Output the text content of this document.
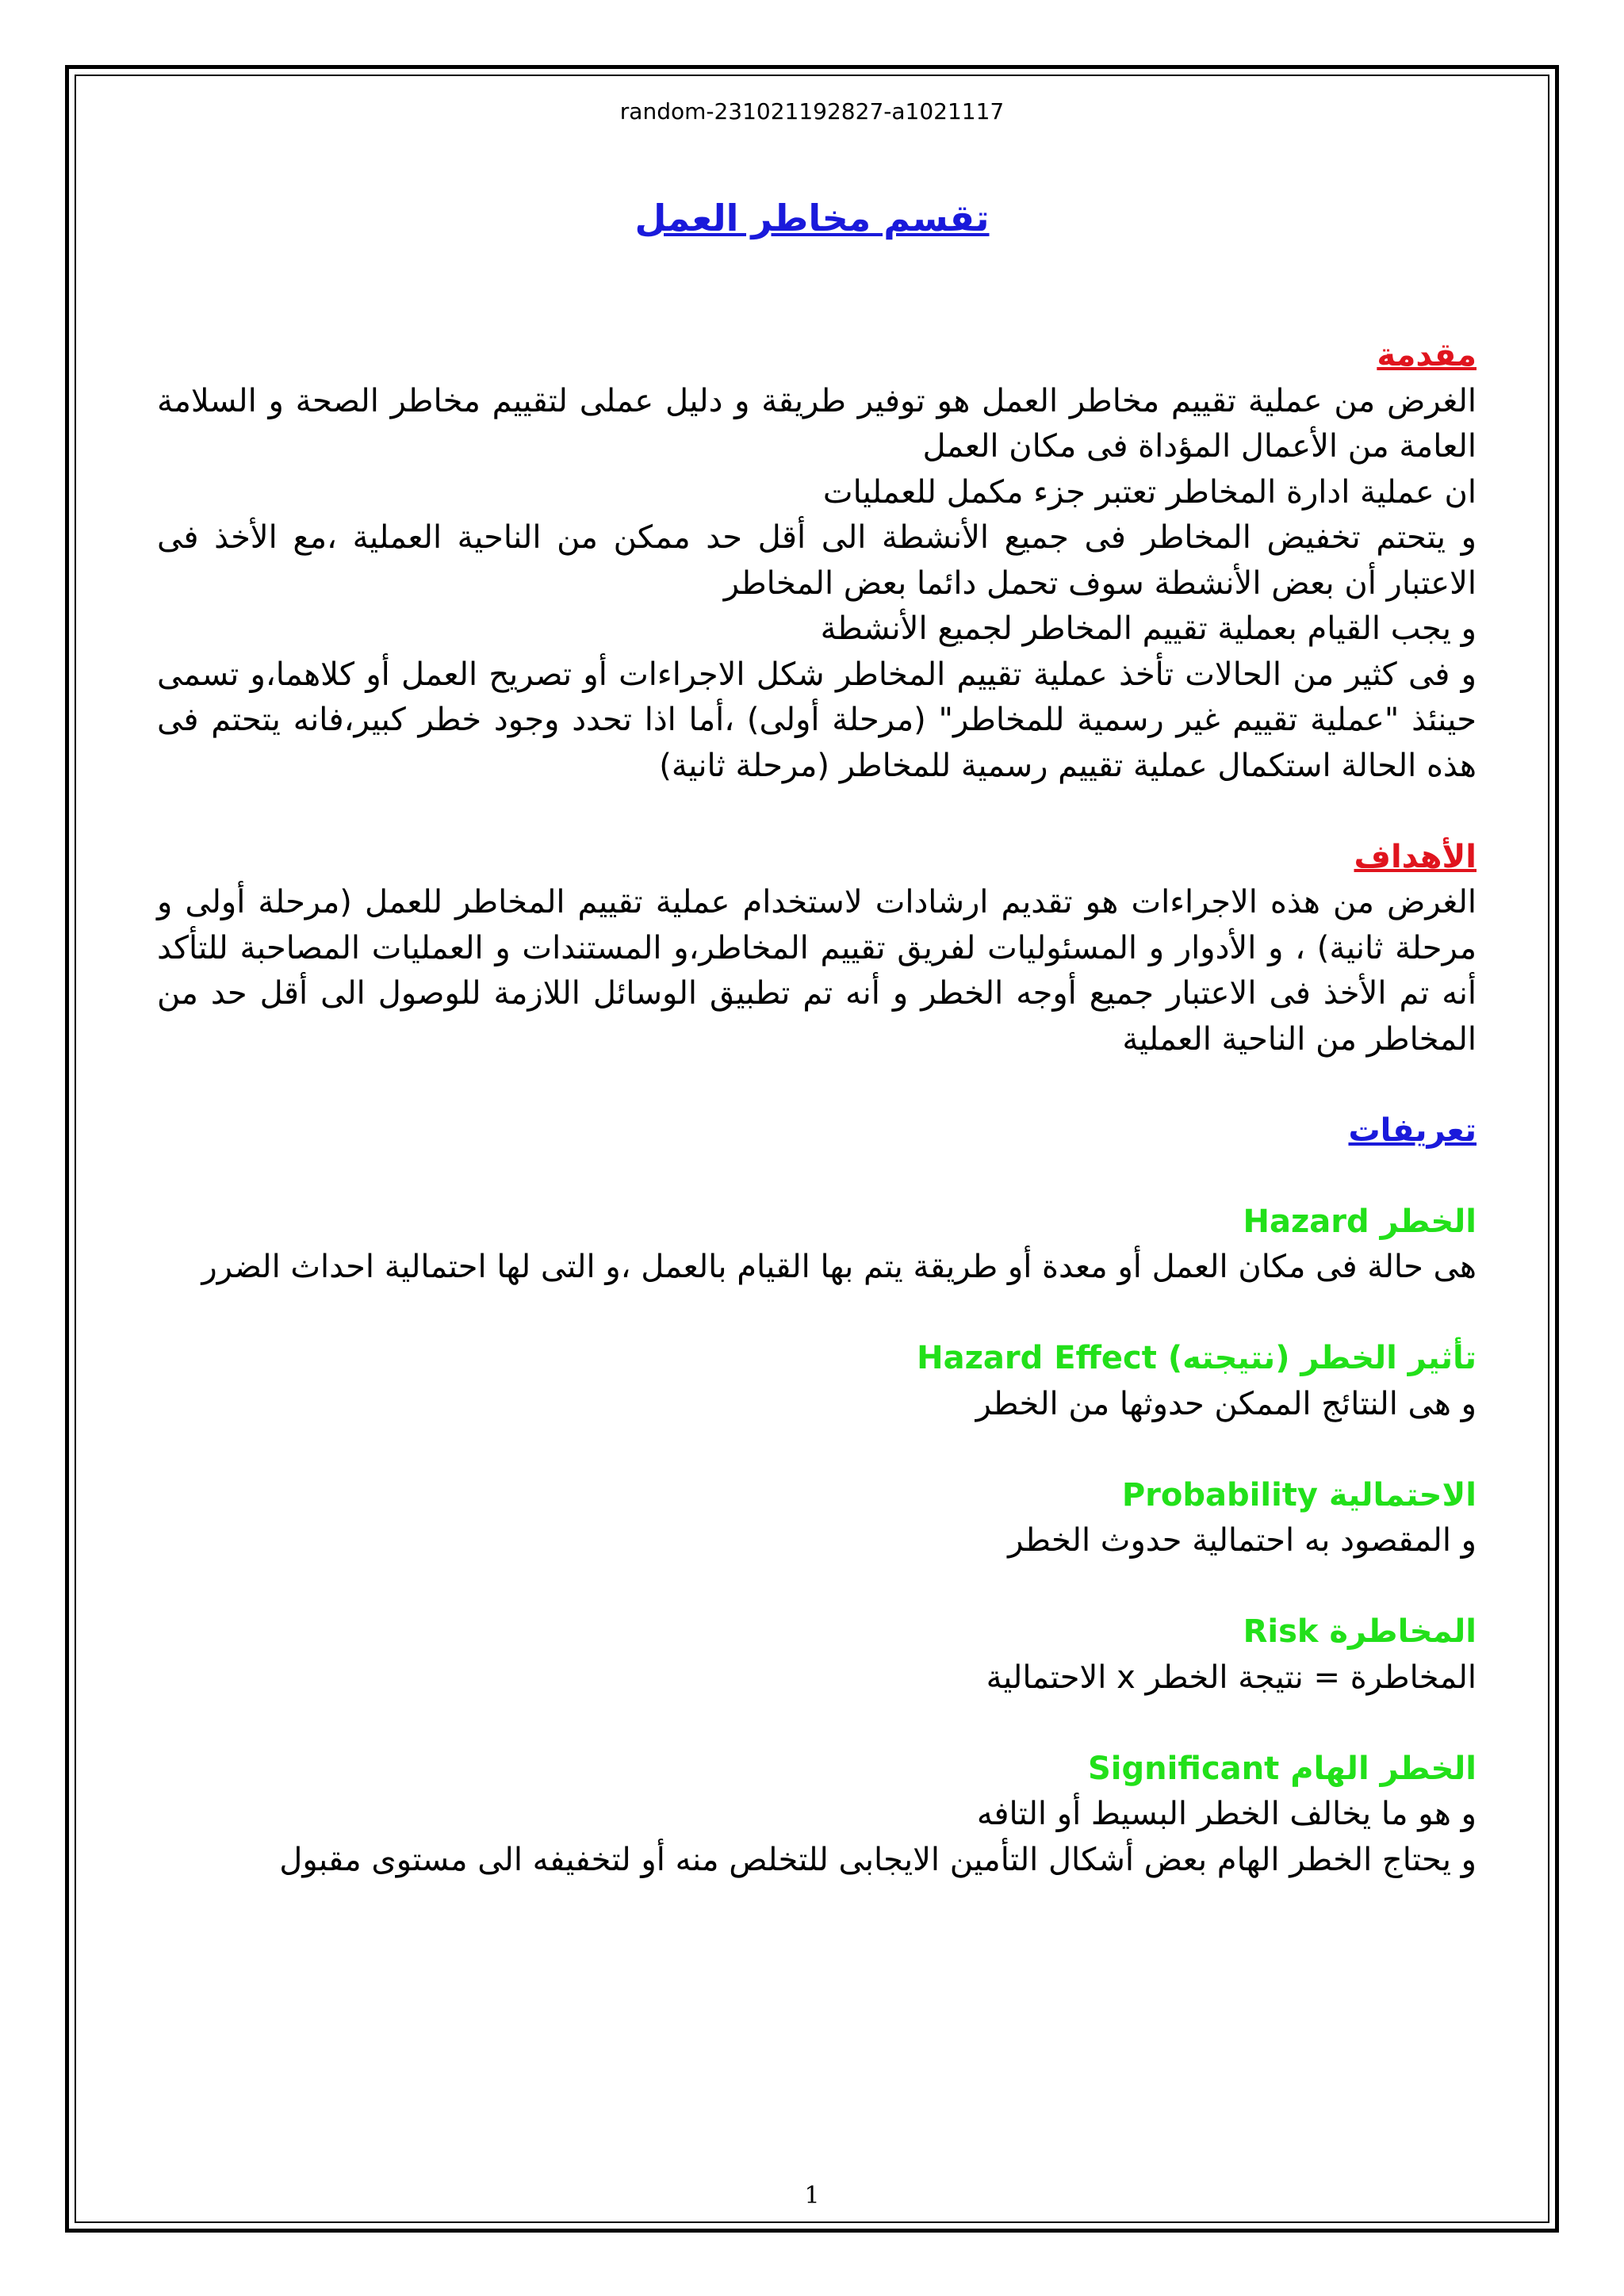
random-231021192827-a1021117
تقسم مخاطر العمل

مقدمة

الغرض من عملية تقييم مخاطر العمل هو توفير طريقة و دليل عملى لتقييم مخاطر الصحة و السلامة العامة من الأعمال المؤداة فى مكان العمل

ان عملية ادارة المخاطر تعتبر جزء مكمل للعمليات

و يتحتم تخفيض المخاطر فى جميع الأنشطة الى أقل حد ممكن من الناحية العملية ،مع الأخذ فى الاعتبار أن بعض الأنشطة سوف تحمل دائما بعض المخاطر

و يجب القيام بعملية تقييم المخاطر لجميع الأنشطة

و فى كثير من الحالات تأخذ عملية تقييم المخاطر شكل الاجراءات أو تصريح العمل أو كلاهما،و تسمى حينئذ "عملية تقييم غير رسمية للمخاطر" (مرحلة أولى) ،أما اذا تحدد وجود خطر كبير،فانه يتحتم فى هذه الحالة استكمال عملية تقييم رسمية للمخاطر (مرحلة ثانية)

الأهداف

الغرض من هذه الاجراءات هو تقديم ارشادات لاستخدام عملية تقييم المخاطر للعمل (مرحلة أولى و مرحلة ثانية) ، و الأدوار و المسئوليات لفريق تقييم المخاطر،و المستندات و العمليات المصاحبة للتأكد أنه تم الأخذ فى الاعتبار جميع أوجه الخطر و أنه تم تطبيق الوسائل اللازمة للوصول الى أقل حد من المخاطر من الناحية العملية

تعريفات

الخطر Hazard

هى حالة فى مكان العمل أو معدة أو طريقة يتم بها القيام بالعمل ،و التى لها احتمالية احداث الضرر

تأثير الخطر (نتيجته) Hazard Effect

و هى النتائج الممكن حدوثها من الخطر

الاحتمالية Probability

و المقصود به احتمالية حدوث الخطر

المخاطرة Risk

المخاطرة = نتيجة الخطر x الاحتمالية

الخطر الهام Significant

و هو ما يخالف الخطر البسيط أو التافه

و يحتاج الخطر الهام بعض أشكال التأمين الايجابى للتخلص منه أو لتخفيفه الى مستوى مقبول

1
